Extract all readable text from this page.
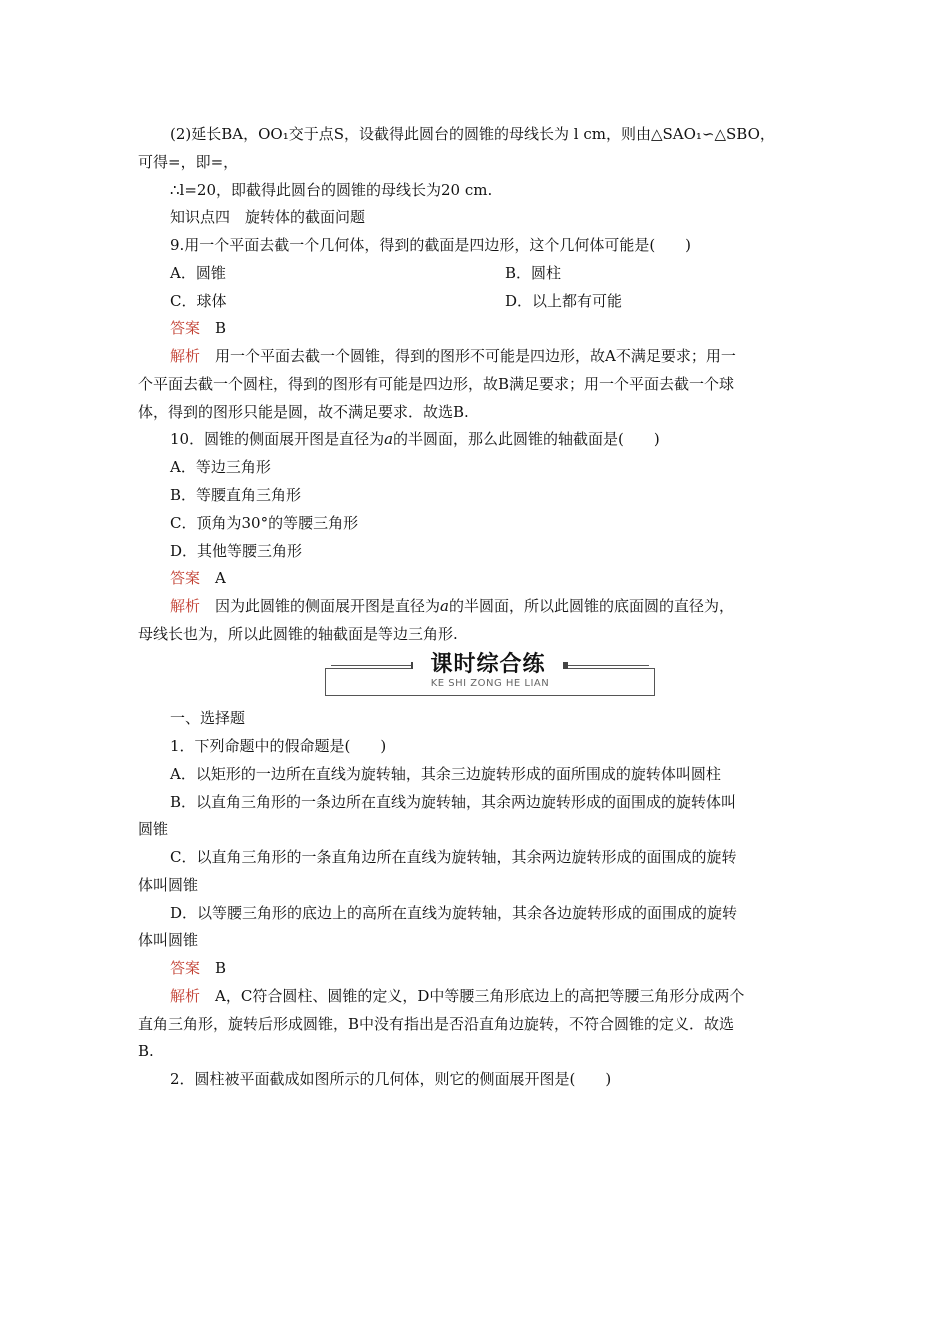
(2)延长BA，OO₁交于点S，设截得此圆台的圆锥的母线长为 l cm，则由△SAO₁∽△SBO，
可得=，即=，
∴l=20，即截得此圆台的圆锥的母线长为20 cm.
知识点四　旋转体的截面问题
9.用一个平面去截一个几何体，得到的截面是四边形，这个几何体可能是(　　)
A．圆锥	B．圆柱
C．球体	D．以上都有可能
答案　 B
解析　 用一个平面去截一个圆锥，得到的图形不可能是四边形，故A不满足要求；用一
个平面去截一个圆柱，得到的图形有可能是四边形，故B满足要求；用一个平面去截一个球
体，得到的图形只能是圆，故不满足要求．故选B.
10．圆锥的侧面展开图是直径为a的半圆面，那么此圆锥的轴截面是(　　)
A．等边三角形
B．等腰直角三角形
C．顶角为30°的等腰三角形
D．其他等腰三角形
答案　 A
解析　 因为此圆锥的侧面展开图是直径为a的半圆面，所以此圆锥的底面圆的直径为，
母线长也为，所以此圆锥的轴截面是等边三角形.
课时综合练
KE SHI ZONG HE LIAN
一、选择题
1．下列命题中的假命题是(　　)
A．以矩形的一边所在直线为旋转轴，其余三边旋转形成的面所围成的旋转体叫圆柱
B．以直角三角形的一条边所在直线为旋转轴，其余两边旋转形成的面围成的旋转体叫
圆锥
C．以直角三角形的一条直角边所在直线为旋转轴，其余两边旋转形成的面围成的旋转
体叫圆锥
D．以等腰三角形的底边上的高所在直线为旋转轴，其余各边旋转形成的面围成的旋转
体叫圆锥
答案　 B
解析　 A，C符合圆柱、圆锥的定义，D中等腰三角形底边上的高把等腰三角形分成两个
直角三角形，旋转后形成圆锥，B中没有指出是否沿直角边旋转，不符合圆锥的定义．故选
B.
2．圆柱被平面截成如图所示的几何体，则它的侧面展开图是(　　)
